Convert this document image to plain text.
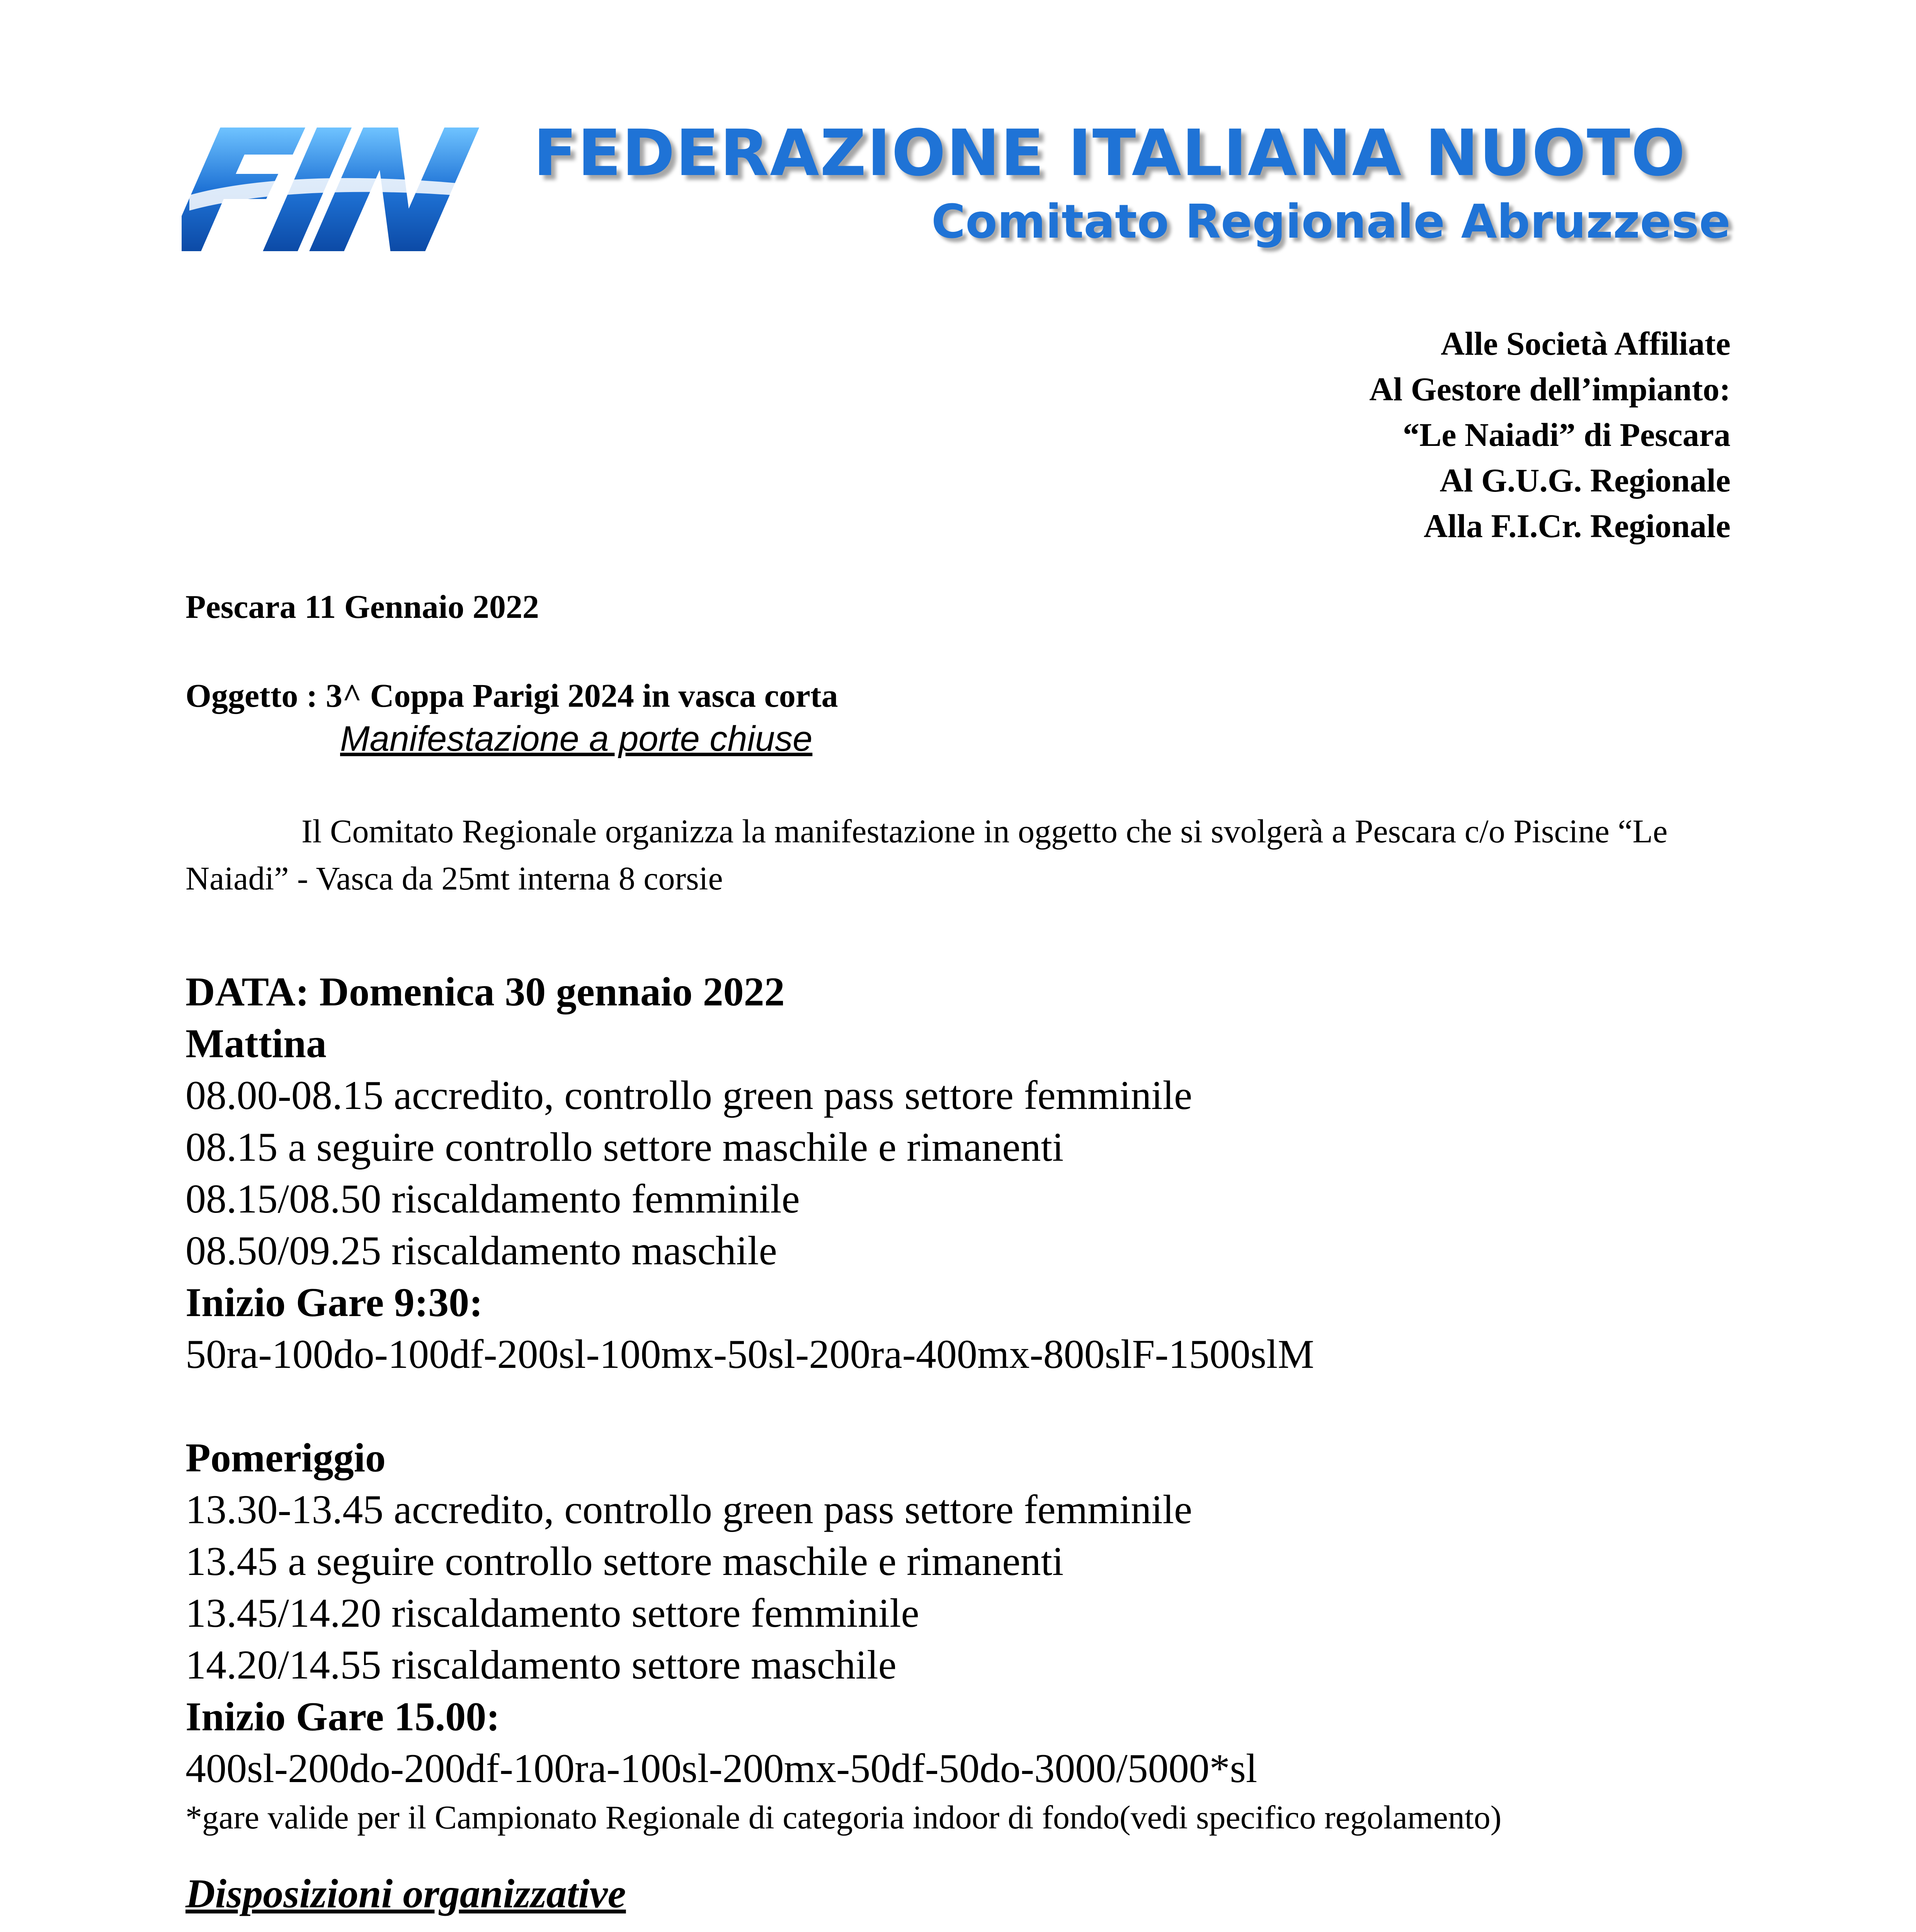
FEDERAZIONE ITALIANA NUOTO
Comitato Regionale Abruzzese
Alle Società Affiliate
Al Gestore dell’impianto:
“Le Naiadi” di Pescara
Al G.U.G. Regionale
Alla F.I.Cr. Regionale
Pescara 11 Gennaio 2022
Oggetto : 3^ Coppa Parigi 2024 in vasca corta
Manifestazione a porte chiuse
Il Comitato Regionale organizza la manifestazione in oggetto che si svolgerà a Pescara c/o Piscine “Le Naiadi” - Vasca da 25mt interna 8 corsie
DATA: Domenica 30 gennaio 2022
Mattina
08.00-08.15 accredito, controllo green pass settore femminile
08.15 a seguire controllo settore maschile e rimanenti
08.15/08.50 riscaldamento femminile
08.50/09.25 riscaldamento maschile
Inizio Gare 9:30:
50ra-100do-100df-200sl-100mx-50sl-200ra-400mx-800slF-1500slM
Pomeriggio
13.30-13.45 accredito, controllo green pass settore femminile
13.45 a seguire controllo settore maschile e rimanenti
13.45/14.20 riscaldamento settore femminile
14.20/14.55 riscaldamento settore maschile
Inizio Gare 15.00:
400sl-200do-200df-100ra-100sl-200mx-50df-50do-3000/5000*sl
*gare valide per il Campionato Regionale di categoria indoor di fondo(vedi specifico regolamento)
Disposizioni organizzative
